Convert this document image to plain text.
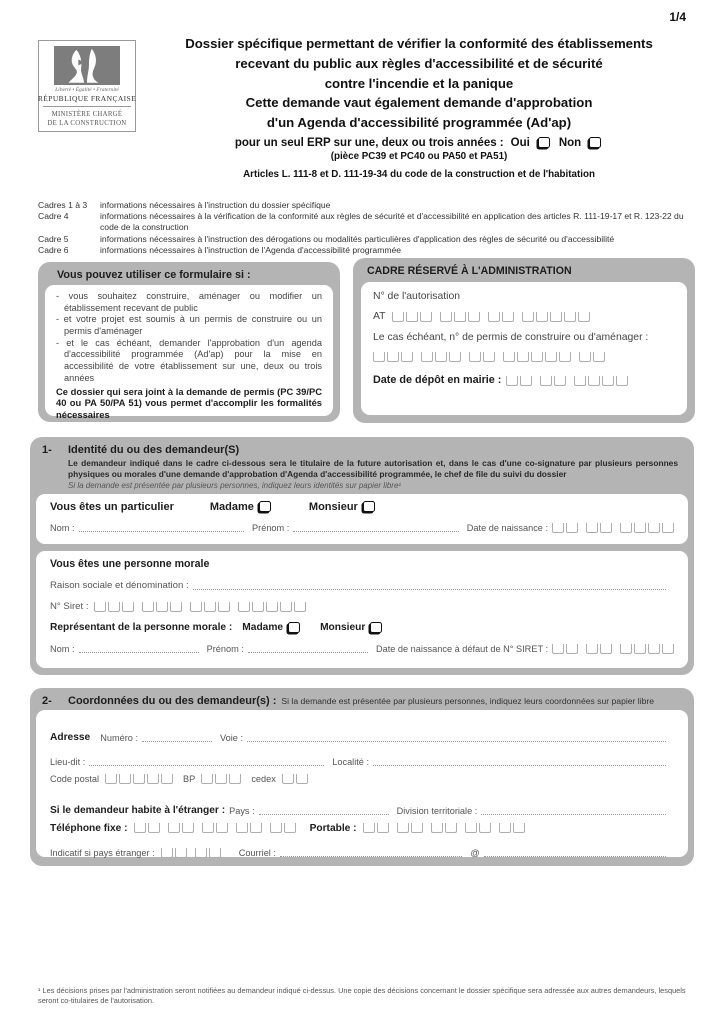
1/4
Liberté • Égalité • Fraternité
RÉPUBLIQUE FRANÇAISE
MINISTÈRE CHARGÉ
DE LA CONSTRUCTION
Dossier spécifique permettant de vérifier la conformité des établissements
recevant du public aux règles d'accessibilité et de sécurité
contre l'incendie et la panique
Cette demande vaut également demande d'approbation
d'un Agenda d'accessibilité programmée (Ad'ap)
pour un seul ERP sur une, deux ou trois années : Oui	Non
(pièce PC39 et PC40 ou PA50 et PA51)
Articles L. 111-8 et D. 111-19-34 du code de la construction et de l'habitation
Cadres 1 à 3	informations nécessaires à l'instruction du dossier spécifique
Cadre 4	informations nécessaires à la vérification de la conformité aux règles de sécurité et d'accessibilité en application des articles R. 111-19-17 et R. 123-22 du code de la construction
Cadre 5	informations nécessaires à l'instruction des dérogations ou modalités particulières d'application des règles de sécurité ou d'accessibilité
Cadre 6	informations nécessaires à l'instruction de l'Agenda d'accessibilité programmée
Vous pouvez utiliser ce formulaire si :
- vous souhaitez construire, aménager ou modifier un établissement recevant de public
- et votre projet est soumis à un permis de construire ou un permis d'aménager
- et le cas échéant, demander l'approbation d'un agenda d'accessibilité programmée (Ad'ap) pour la mise en accessibilité de votre établissement sur une, deux ou trois années
Ce dossier qui sera joint à la demande de permis (PC 39/PC 40 ou PA 50/PA 51) vous permet d'accomplir les formalités nécessaires
CADRE RÉSERVÉ À L'ADMINISTRATION
N° de l'autorisation
AT
Le cas échéant, n° de permis de construire ou d'aménager :
Date de dépôt en mairie :
1-	Identité du ou des demandeur(S)
Le demandeur indiqué dans le cadre ci-dessous sera le titulaire de la future autorisation et, dans le cas d'une co-signature par plusieurs personnes physiques ou morales d'une demande d'approbation d'Agenda d'accessibilité programmée, le chef de file du suivi du dossier
Si la demande est présentée par plusieurs personnes, indiquez leurs identités sur papier libre¹
Vous êtes un particulier	Madame	Monsieur
Nom :	Prénom :	Date de naissance :
Vous êtes une personne morale
Raison sociale et dénomination :
N° Siret :
Représentant de la personne morale : Madame	Monsieur
Nom :	Prénom :	Date de naissance à défaut de N° SIRET :
2-	Coordonnées du ou des demandeur(s) : Si la demande est présentée par plusieurs personnes, indiquez leurs coordonnées sur papier libre
Adresse Numéro :	Voie :
Lieu-dit :	Localité :
Code postal	BP	cedex
Si le demandeur habite à l'étranger : Pays :	Division territoriale :
Téléphone fixe :	Portable :
Indicatif si pays étranger :	Courriel :	@
¹ Les décisions prises par l'administration seront notifiées au demandeur indiqué ci-dessus. Une copie des décisions concernant le dossier spécifique sera adressée aux autres demandeurs, lesquels seront co-titulaires de l'autorisation.
